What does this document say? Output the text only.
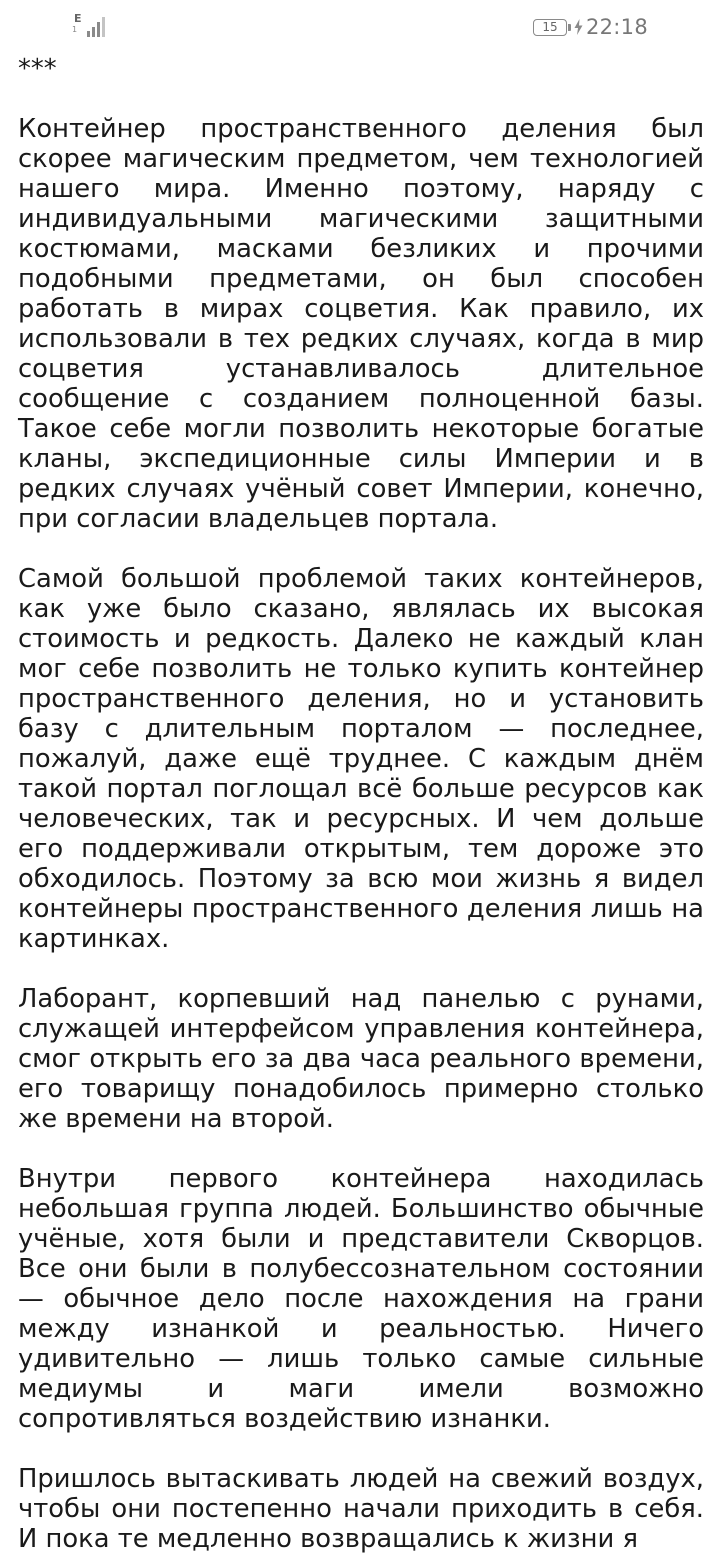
E
1	15 22:18
***

Контейнер пространственного деления был скорее магическим предметом, чем технологией нашего мира. Именно поэтому, наряду с индивидуальными магическими защитными костюмами, масками безликих и прочими подобными предметами, он был способен работать в мирах соцветия. Как правило, их использовали в тех редких случаях, когда в мир соцветия устанавливалось длительное сообщение с созданием полноценной базы. Такое себе могли позволить некоторые богатые кланы, экспедиционные силы Империи и в редких случаях учёный совет Империи, конечно, при согласии владельцев портала.

Самой большой проблемой таких контейнеров, как уже было сказано, являлась их высокая стоимость и редкость. Далеко не каждый клан мог себе позволить не только купить контейнер пространственного деления, но и установить базу с длительным порталом — последнее, пожалуй, даже ещё труднее. С каждым днём такой портал поглощал всё больше ресурсов как человеческих, так и ресурсных. И чем дольше его поддерживали открытым, тем дороже это обходилось. Поэтому за всю мои жизнь я видел контейнеры пространственного деления лишь на картинках.

Лаборант, корпевший над панелью с рунами, служащей интерфейсом управления контейнера, смог открыть его за два часа реального времени, его товарищу понадобилось примерно столько же времени на второй.

Внутри первого контейнера находилась небольшая группа людей. Большинство обычные учёные, хотя были и представители Скворцов. Все они были в полубессознательном состоянии — обычное дело после нахождения на грани между изнанкой и реальностью. Ничего удивительно — лишь только самые сильные медиумы и маги имели возможно сопротивляться воздействию изнанки.

Пришлось вытаскивать людей на свежий воздух, чтобы они постепенно начали приходить в себя. И пока те медленно возвращались к жизни я
